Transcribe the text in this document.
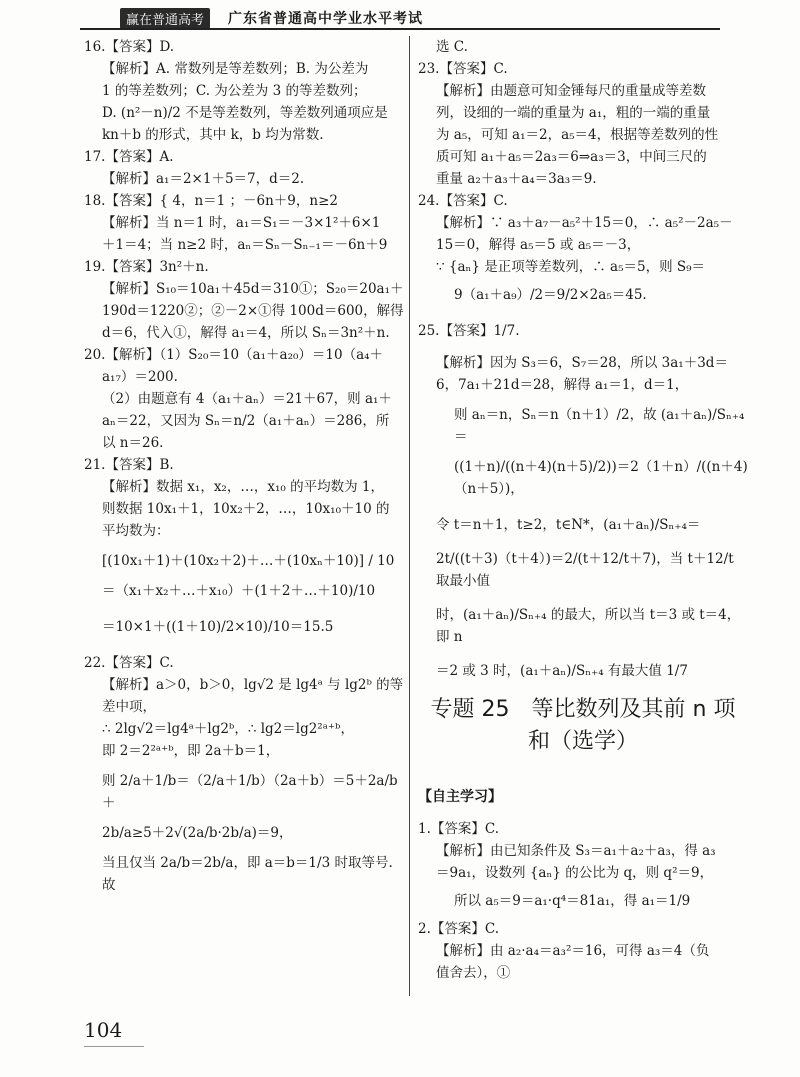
赢在普通高考	广东省普通高中学业水平考试

16.【答案】D.

【解析】A. 常数列是等差数列；B. 为公差为

1 的等差数列；C. 为公差为 3 的等差数列；

D. (n²－n)/2 不是等差数列，等差数列通项应是

kn＋b 的形式，其中 k，b 均为常数.

17.【答案】A.

【解析】a₁＝2×1＋5＝7，d＝2.

18.【答案】{ 4，n＝1 ；－6n＋9，n≥2

【解析】当 n＝1 时，a₁＝S₁＝－3×1²＋6×1

＋1＝4；当 n≥2 时，aₙ＝Sₙ－Sₙ₋₁＝－6n＋9

19.【答案】3n²＋n.

【解析】S₁₀＝10a₁＋45d＝310①；S₂₀＝20a₁＋

190d＝1220②；②－2×①得 100d＝600，解得

d＝6，代入①，解得 a₁＝4，所以 Sₙ＝3n²＋n.

20.【解析】（1）S₂₀＝10（a₁＋a₂₀）＝10（a₄＋

a₁₇）＝200.

（2）由题意有 4（a₁＋aₙ）＝21＋67，则 a₁＋

aₙ＝22，又因为 Sₙ＝n/2（a₁＋aₙ）＝286，所

以 n＝26.

21.【答案】B.

【解析】数据 x₁，x₂，…，x₁₀ 的平均数为 1，

则数据 10x₁＋1，10x₂＋2，…，10x₁₀＋10 的

平均数为：

[(10x₁＋1)＋(10x₂＋2)＋…＋(10xₙ＋10)] / 10

＝（x₁＋x₂＋…＋x₁₀）＋(1＋2＋…＋10)/10

＝10×1＋((1＋10)/2×10)/10＝15.5

22.【答案】C.

【解析】a＞0，b＞0，lg√2 是 lg4ᵃ 与 lg2ᵇ 的等

差中项，

∴ 2lg√2＝lg4ᵃ＋lg2ᵇ，∴ lg2＝lg2²ᵃ⁺ᵇ，

即 2＝2²ᵃ⁺ᵇ，即 2a＋b＝1，

则 2/a＋1/b＝（2/a＋1/b）（2a＋b）＝5＋2a/b＋

2b/a≥5＋2√(2a/b·2b/a)＝9，

当且仅当 2a/b＝2b/a，即 a＝b＝1/3 时取等号. 故

选 C.

23.【答案】C.

【解析】由题意可知金锤每尺的重量成等差数

列，设细的一端的重量为 a₁，粗的一端的重量

为 a₅，可知 a₁＝2，a₅＝4，根据等差数列的性

质可知 a₁＋a₅＝2a₃＝6⇒a₃＝3，中间三尺的

重量 a₂＋a₃＋a₄＝3a₃＝9.

24.【答案】C.

【解析】∵ a₃＋a₇－a₅²＋15＝0，∴ a₅²－2a₅－

15＝0，解得 a₅＝5 或 a₅＝－3，

∵ {aₙ} 是正项等差数列，∴ a₅＝5，则 S₉＝

9（a₁＋a₉）/2＝9/2×2a₅＝45.

25.【答案】1/7.

【解析】因为 S₃＝6，S₇＝28，所以 3a₁＋3d＝

6，7a₁＋21d＝28，解得 a₁＝1，d＝1，

则 aₙ＝n，Sₙ＝n（n＋1）/2，故 (a₁＋aₙ)/Sₙ₊₄＝

((1＋n)/((n＋4)(n＋5)/2))＝2（1＋n）/((n＋4)（n＋5）)，

令 t＝n＋1，t≥2，t∈N*，(a₁＋aₙ)/Sₙ₊₄＝

2t/((t＋3)（t＋4）)＝2/(t＋12/t＋7)，当 t＋12/t 取最小值

时，(a₁＋aₙ)/Sₙ₊₄ 的最大，所以当 t＝3 或 t＝4，即 n

＝2 或 3 时，(a₁＋aₙ)/Sₙ₊₄ 有最大值 1/7

专题 25　等比数列及其前 n 项
和（选学）
【自主学习】

1.【答案】C.

【解析】由已知条件及 S₃＝a₁＋a₂＋a₃，得 a₃

＝9a₁，设数列 {aₙ} 的公比为 q，则 q²＝9，

所以 a₅＝9＝a₁·q⁴＝81a₁，得 a₁＝1/9

2.【答案】C.

【解析】由 a₂·a₄＝a₃²＝16，可得 a₃＝4（负

值舍去），①

104
